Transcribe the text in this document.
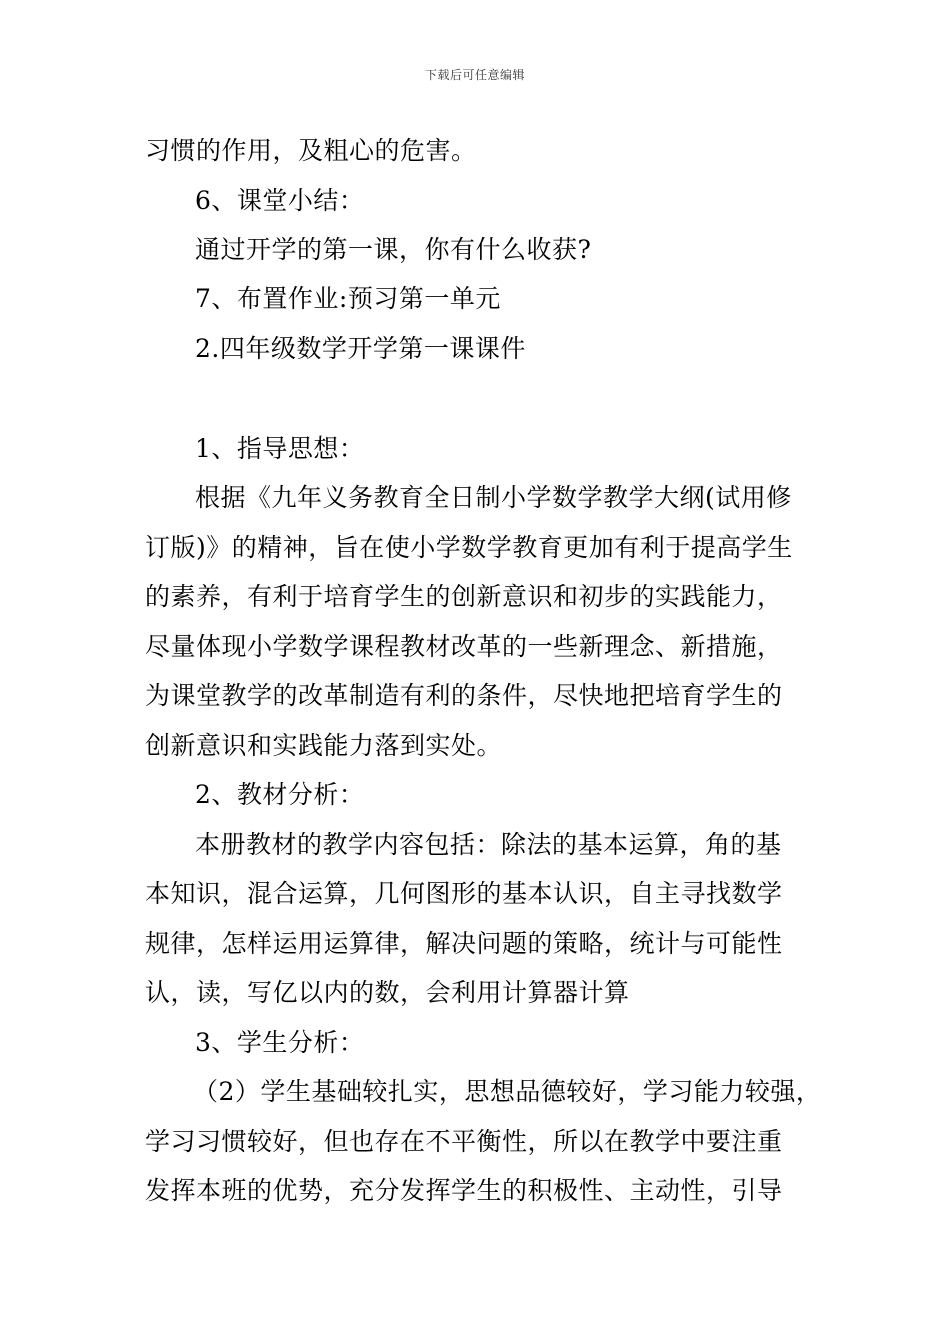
下载后可任意编辑
习惯的作用，及粗心的危害。
6、课堂小结：
通过开学的第一课，你有什么收获?
7、布置作业:预习第一单元
2.四年级数学开学第一课课件
1、指导思想：
根据《九年义务教育全日制小学数学教学大纲(试用修
订版)》的精神，旨在使小学数学教育更加有利于提高学生
的素养，有利于培育学生的创新意识和初步的实践能力，
尽量体现小学数学课程教材改革的一些新理念、新措施，
为课堂教学的改革制造有利的条件，尽快地把培育学生的
创新意识和实践能力落到实处。
2、教材分析：
本册教材的教学内容包括：除法的基本运算，角的基
本知识，混合运算，几何图形的基本认识，自主寻找数学
规律，怎样运用运算律，解决问题的策略，统计与可能性
认，读，写亿以内的数，会利用计算器计算
3、学生分析：
（2）学生基础较扎实，思想品德较好，学习能力较强，
学习习惯较好，但也存在不平衡性，所以在教学中要注重
发挥本班的优势，充分发挥学生的积极性、主动性，引导
